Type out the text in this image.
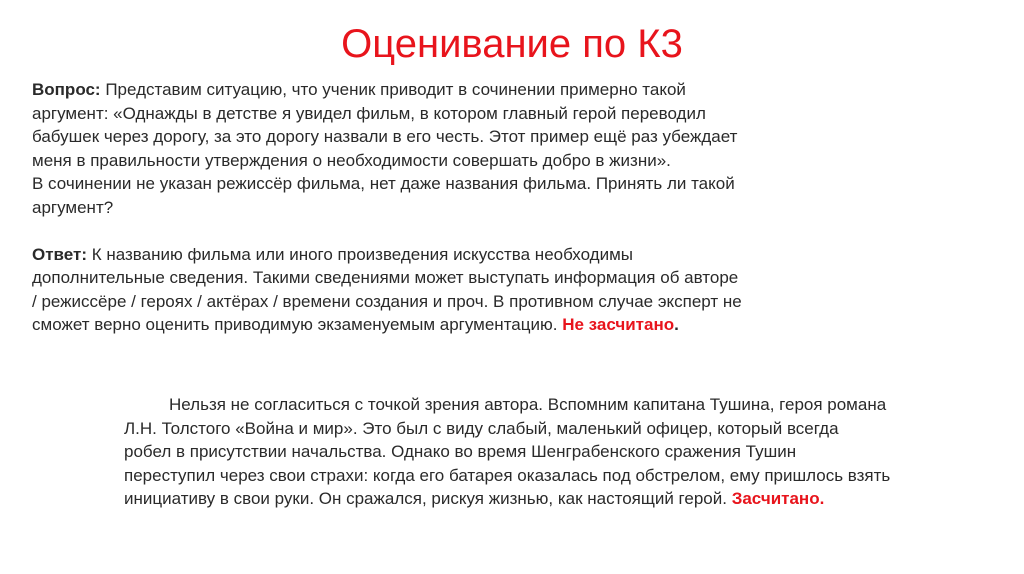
Оценивание по К3

Вопрос: Представим ситуацию, что ученик приводит в сочинении примерно такой
аргумент: «Однажды в детстве я увидел фильм, в котором главный герой переводил
бабушек через дорогу, за это дорогу назвали в его честь. Этот пример ещё раз убеждает
меня в правильности утверждения о необходимости совершать добро в жизни».
В сочинении не указан режиссёр фильма, нет даже названия фильма. Принять ли такой
аргумент?

Ответ: К названию фильма или иного произведения искусства необходимы
дополнительные сведения. Такими сведениями может выступать информация об авторе
/ режиссёре / героях / актёрах / времени создания и проч. В противном случае эксперт не
сможет верно оценить приводимую экзаменуемым аргументацию. Не засчитано.

Нельзя не согласиться с точкой зрения автора. Вспомним капитана Тушина, героя романа
Л.Н. Толстого «Война и мир». Это был с виду слабый, маленький офицер, который всегда
робел в присутствии начальства. Однако во время Шенграбенского сражения Тушин
переступил через свои страхи: когда его батарея оказалась под обстрелом, ему пришлось взять
инициативу в свои руки. Он сражался, рискуя жизнью, как настоящий герой. Засчитано.
